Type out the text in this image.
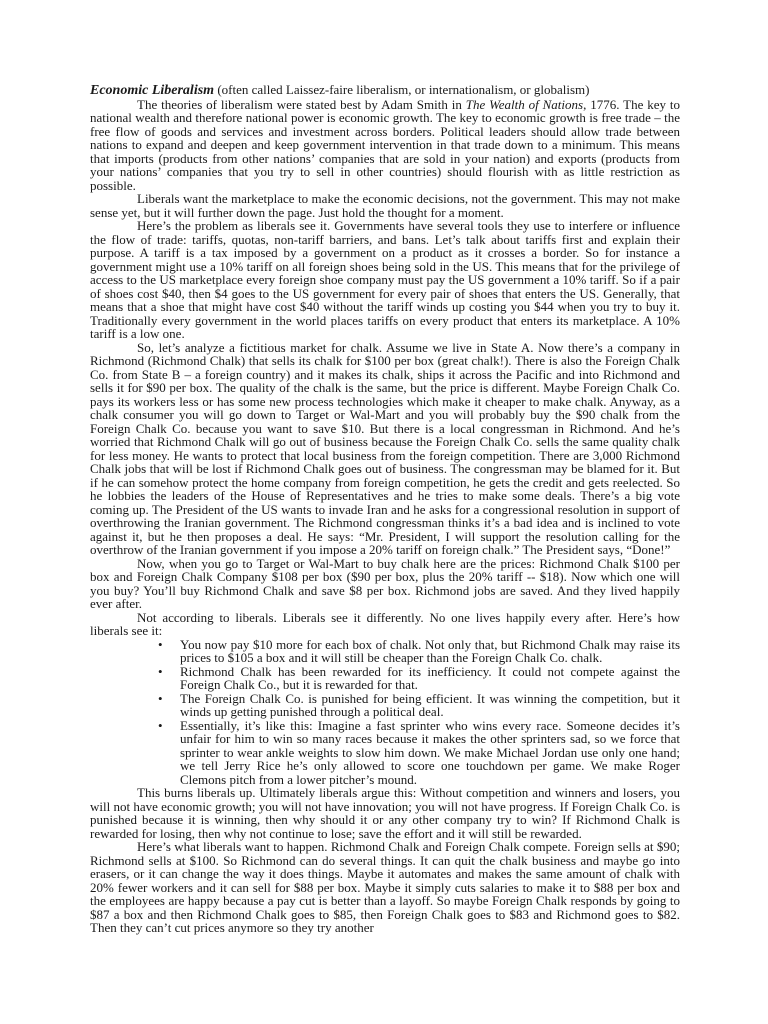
Economic Liberalism (often called Laissez-faire liberalism, or internationalism, or globalism)

The theories of liberalism were stated best by Adam Smith in The Wealth of Nations, 1776. The key to national wealth and therefore national power is economic growth. The key to economic growth is free trade – the free flow of goods and services and investment across borders. Political leaders should allow trade between nations to expand and deepen and keep government intervention in that trade down to a minimum. This means that imports (products from other nations’ companies that are sold in your nation) and exports (products from your nations’ companies that you try to sell in other countries) should flourish with as little restriction as possible.

Liberals want the marketplace to make the economic decisions, not the government. This may not make sense yet, but it will further down the page. Just hold the thought for a moment.

Here’s the problem as liberals see it. Governments have several tools they use to interfere or influence the flow of trade: tariffs, quotas, non-tariff barriers, and bans. Let’s talk about tariffs first and explain their purpose. A tariff is a tax imposed by a government on a product as it crosses a border. So for instance a government might use a 10% tariff on all foreign shoes being sold in the US. This means that for the privilege of access to the US marketplace every foreign shoe company must pay the US government a 10% tariff. So if a pair of shoes cost $40, then $4 goes to the US government for every pair of shoes that enters the US. Generally, that means that a shoe that might have cost $40 without the tariff winds up costing you $44 when you try to buy it. Traditionally every government in the world places tariffs on every product that enters its marketplace. A 10% tariff is a low one.

So, let’s analyze a fictitious market for chalk. Assume we live in State A. Now there’s a company in Richmond (Richmond Chalk) that sells its chalk for $100 per box (great chalk!). There is also the Foreign Chalk Co. from State B – a foreign country) and it makes its chalk, ships it across the Pacific and into Richmond and sells it for $90 per box. The quality of the chalk is the same, but the price is different. Maybe Foreign Chalk Co. pays its workers less or has some new process technologies which make it cheaper to make chalk. Anyway, as a chalk consumer you will go down to Target or Wal-Mart and you will probably buy the $90 chalk from the Foreign Chalk Co. because you want to save $10. But there is a local congressman in Richmond. And he’s worried that Richmond Chalk will go out of business because the Foreign Chalk Co. sells the same quality chalk for less money. He wants to protect that local business from the foreign competition. There are 3,000 Richmond Chalk jobs that will be lost if Richmond Chalk goes out of business. The congressman may be blamed for it. But if he can somehow protect the home company from foreign competition, he gets the credit and gets reelected. So he lobbies the leaders of the House of Representatives and he tries to make some deals. There’s a big vote coming up. The President of the US wants to invade Iran and he asks for a congressional resolution in support of overthrowing the Iranian government. The Richmond congressman thinks it’s a bad idea and is inclined to vote against it, but he then proposes a deal. He says: “Mr. President, I will support the resolution calling for the overthrow of the Iranian government if you impose a 20% tariff on foreign chalk.” The President says, “Done!”

Now, when you go to Target or Wal-Mart to buy chalk here are the prices: Richmond Chalk $100 per box and Foreign Chalk Company $108 per box ($90 per box, plus the 20% tariff -- $18). Now which one will you buy? You’ll buy Richmond Chalk and save $8 per box. Richmond jobs are saved. And they lived happily ever after.

Not according to liberals. Liberals see it differently. No one lives happily every after. Here’s how liberals see it:

• You now pay $10 more for each box of chalk. Not only that, but Richmond Chalk may raise its prices to $105 a box and it will still be cheaper than the Foreign Chalk Co. chalk.
• Richmond Chalk has been rewarded for its inefficiency. It could not compete against the Foreign Chalk Co., but it is rewarded for that.
• The Foreign Chalk Co. is punished for being efficient. It was winning the competition, but it winds up getting punished through a political deal.
• Essentially, it’s like this: Imagine a fast sprinter who wins every race. Someone decides it’s unfair for him to win so many races because it makes the other sprinters sad, so we force that sprinter to wear ankle weights to slow him down. We make Michael Jordan use only one hand; we tell Jerry Rice he’s only allowed to score one touchdown per game. We make Roger Clemons pitch from a lower pitcher’s mound.

This burns liberals up. Ultimately liberals argue this: Without competition and winners and losers, you will not have economic growth; you will not have innovation; you will not have progress. If Foreign Chalk Co. is punished because it is winning, then why should it or any other company try to win? If Richmond Chalk is rewarded for losing, then why not continue to lose; save the effort and it will still be rewarded.

Here’s what liberals want to happen. Richmond Chalk and Foreign Chalk compete. Foreign sells at $90; Richmond sells at $100. So Richmond can do several things. It can quit the chalk business and maybe go into erasers, or it can change the way it does things. Maybe it automates and makes the same amount of chalk with 20% fewer workers and it can sell for $88 per box. Maybe it simply cuts salaries to make it to $88 per box and the employees are happy because a pay cut is better than a layoff. So maybe Foreign Chalk responds by going to $87 a box and then Richmond Chalk goes to $85, then Foreign Chalk goes to $83 and Richmond goes to $82. Then they can’t cut prices anymore so they try another
